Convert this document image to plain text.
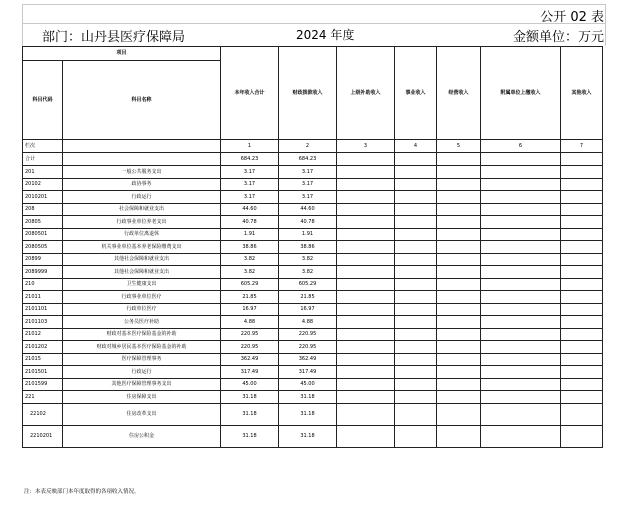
公开 02 表
部门：山丹县医疗保障局	2024 年度	金额单位：万元
项目		本年收入合计	财政拨款收入	上级补助收入	事业收入	经营收入	附属单位上缴收入	其他收入
科目代码	科目名称							
栏次		1	2	3	4	5	6	7
合计		684.23	684.23					
201	一般公共服务支出	3.17	3.17					
20102	政协事务	3.17	3.17					
2010201	行政运行	3.17	3.17					
208	社会保障和就业支出	44.60	44.60					
20805	行政事业单位养老支出	40.78	40.78					
2080501	行政单位离退休	1.91	1.91					
2080505	机关事业单位基本养老保险缴费支出	38.86	38.86					
20899	其他社会保障和就业支出	3.82	3.82					
2089999	其他社会保障和就业支出	3.82	3.82					
210	卫生健康支出	605.29	605.29					
21011	行政事业单位医疗	21.85	21.85					
2101101	行政单位医疗	16.97	16.97					
2101103	公务员医疗补助	4.88	4.88					
21012	财政对基本医疗保险基金的补助	220.95	220.95					
2101202	财政对城乡居民基本医疗保险基金的补助	220.95	220.95					
21015	医疗保障管理事务	362.49	362.49					
2101501	行政运行	317.49	317.49					
2101599	其他医疗保障管理事务支出	45.00	45.00					
221	住房保障支出	31.18	31.18					
22102	住房改革支出	31.18	31.18					
2210201	住房公积金	31.18	31.18					
注：本表反映部门本年度取得的各项收入情况。
